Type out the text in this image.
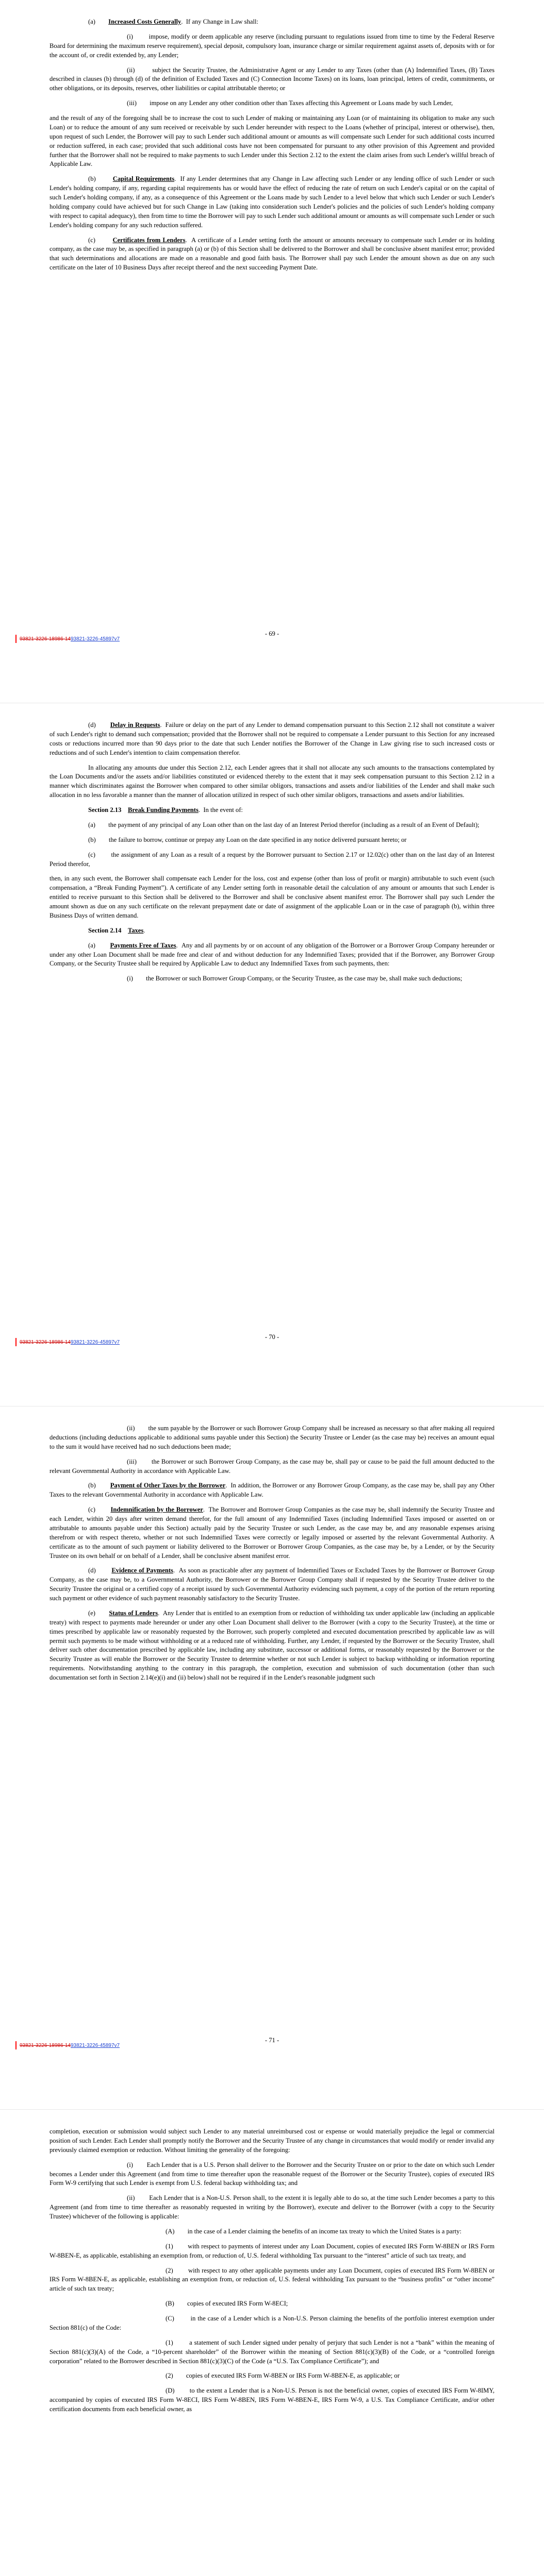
(a) Increased Costs Generally.  If any Change in Law shall:

(i) impose, modify or deem applicable any reserve (including pursuant to regulations issued from time to time by the Federal Reserve Board for determining the maximum reserve requirement), special deposit, compulsory loan, insurance charge or similar requirement against assets of, deposits with or for the account of, or credit extended by, any Lender;

(ii)	subject the Security Trustee, the Administrative Agent or any Lender to any Taxes (other than (A) Indemnified Taxes, (B) Taxes described in clauses (b) through (d) of the definition of Excluded Taxes and (C) Connection Income Taxes) on its loans, loan principal, letters of credit, commitments, or other obligations, or its deposits, reserves, other liabilities or capital attributable thereto; or

(iii) impose on any Lender any other condition other than Taxes affecting this Agreement or Loans made by such Lender,

and the result of any of the foregoing shall be to increase the cost to such Lender of making or maintaining any Loan (or of maintaining its obligation to make any such Loan) or to reduce the amount of any sum received or receivable by such Lender hereunder with respect to the Loans (whether of principal, interest or otherwise), then, upon request of such Lender, the Borrower will pay to such Lender such additional amount or amounts as will compensate such Lender for such additional costs incurred or reduction suffered, in each case; provided that such additional costs have not been compensated for pursuant to any other provision of this Agreement and provided further that the Borrower shall not be required to make payments to such Lender under this Section 2.12 to the extent the claim arises from such Lender's willful breach of Applicable Law.

(b)	Capital Requirements.  If any Lender determines that any Change in Law affecting such Lender or any lending office of such Lender or such Lender's holding company, if any, regarding capital requirements has or would have the effect of reducing the rate of return on such Lender's capital or on the capital of such Lender's holding company, if any, as a consequence of this Agreement or the Loans made by such Lender to a level below that which such Lender or such Lender's holding company could have achieved but for such Change in Law (taking into consideration such Lender's policies and the policies of such Lender's holding company with respect to capital adequacy), then from time to time the Borrower will pay to such Lender such additional amount or amounts as will compensate such Lender or such Lender's holding company for any such reduction suffered.

(c)	Certificates from Lenders.  A certificate of a Lender setting forth the amount or amounts necessary to compensate such Lender or its holding company, as the case may be, as specified in paragraph (a) or (b) of this Section shall be delivered to the Borrower and shall be conclusive absent manifest error; provided that such determinations and allocations are made on a reasonable and good faith basis. The Borrower shall pay such Lender the amount shown as due on any such certificate on the later of 10 Business Days after receipt thereof and the next succeeding Payment Date.

- 69 -
93821-3226-18986-1493821-3226-45897v7

(d) Delay in Requests.  Failure or delay on the part of any Lender to demand compensation pursuant to this Section 2.12 shall not constitute a waiver of such Lender's right to demand such compensation; provided that the Borrower shall not be required to compensate a Lender pursuant to this Section for any increased costs or reductions incurred more than 90 days prior to the date that such Lender notifies the Borrower of the Change in Law giving rise to such increased costs or reductions and of such Lender's intention to claim compensation therefor.

In allocating any amounts due under this Section 2.12, each Lender agrees that it shall not allocate any such amounts to the transactions contemplated by the Loan Documents and/or the assets and/or liabilities constituted or evidenced thereby to the extent that it may seek compensation pursuant to this Section 2.12 in a manner which discriminates against the Borrower when compared to other similar obligors, transactions and assets and/or liabilities of the Lender and shall make such allocation in no less favorable a manner than the manner of allocation utilized in respect of such other similar obligors, transactions and assets and/or liabilities.

Section 2.13 Break Funding Payments.  In the event of:

(a) the payment of any principal of any Loan other than on the last day of an Interest Period therefor (including as a result of an Event of Default);

(b) the failure to borrow, continue or prepay any Loan on the date specified in any notice delivered pursuant hereto; or

(c) the assignment of any Loan as a result of a request by the Borrower pursuant to Section 2.17 or 12.02(c) other than on the last day of an Interest Period therefor,

then, in any such event, the Borrower shall compensate each Lender for the loss, cost and expense (other than loss of profit or margin) attributable to such event (such compensation, a “Break Funding Payment”). A certificate of any Lender setting forth in reasonable detail the calculation of any amount or amounts that such Lender is entitled to receive pursuant to this Section shall be delivered to the Borrower and shall be conclusive absent manifest error. The Borrower shall pay such Lender the amount shown as due on any such certificate on the relevant prepayment date or date of assignment of the applicable Loan or in the case of paragraph (b), within three Business Days of written demand.

Section 2.14 Taxes.

(a) Payments Free of Taxes.  Any and all payments by or on account of any obligation of the Borrower or a Borrower Group Company hereunder or under any other Loan Document shall be made free and clear of and without deduction for any Indemnified Taxes; provided that if the Borrower, any Borrower Group Company, or the Security Trustee shall be required by Applicable Law to deduct any Indemnified Taxes from such payments, then:

(i) the Borrower or such Borrower Group Company, or the Security Trustee, as the case may be, shall make such deductions;

- 70 -
93821-3226-18986-1493821-3226-45897v7

(ii) the sum payable by the Borrower or such Borrower Group Company shall be increased as necessary so that after making all required deductions (including deductions applicable to additional sums payable under this Section) the Security Trustee or Lender (as the case may be) receives an amount equal to the sum it would have received had no such deductions been made;

(iii) the Borrower or such Borrower Group Company, as the case may be, shall pay or cause to be paid the full amount deducted to the relevant Governmental Authority in accordance with Applicable Law.

(b) Payment of Other Taxes by the Borrower.  In addition, the Borrower or any Borrower Group Company, as the case may be, shall pay any Other Taxes to the relevant Governmental Authority in accordance with Applicable Law.

(c) Indemnification by the Borrower.  The Borrower and Borrower Group Companies as the case may be, shall indemnify the Security Trustee and each Lender, within 20 days after written demand therefor, for the full amount of any Indemnified Taxes (including Indemnified Taxes imposed or asserted on or attributable to amounts payable under this Section) actually paid by the Security Trustee or such Lender, as the case may be, and any reasonable expenses arising therefrom or with respect thereto, whether or not such Indemnified Taxes were correctly or legally imposed or asserted by the relevant Governmental Authority. A certificate as to the amount of such payment or liability delivered to the Borrower or Borrower Group Companies, as the case may be, by a Lender, or by the Security Trustee on its own behalf or on behalf of a Lender, shall be conclusive absent manifest error.

(d) Evidence of Payments.  As soon as practicable after any payment of Indemnified Taxes or Excluded Taxes by the Borrower or Borrower Group Company, as the case may be, to a Governmental Authority, the Borrower or the Borrower Group Company shall if requested by the Security Trustee deliver to the Security Trustee the original or a certified copy of a receipt issued by such Governmental Authority evidencing such payment, a copy of the portion of the return reporting such payment or other evidence of such payment reasonably satisfactory to the Security Trustee.

(e) Status of Lenders.  Any Lender that is entitled to an exemption from or reduction of withholding tax under applicable law (including an applicable treaty) with respect to payments made hereunder or under any other Loan Document shall deliver to the Borrower (with a copy to the Security Trustee), at the time or times prescribed by applicable law or reasonably requested by the Borrower, such properly completed and executed documentation prescribed by applicable law as will permit such payments to be made without withholding or at a reduced rate of withholding. Further, any Lender, if requested by the Borrower or the Security Trustee, shall deliver such other documentation prescribed by applicable law, including any substitute, successor or additional forms, or reasonably requested by the Borrower or the Security Trustee as will enable the Borrower or the Security Trustee to determine whether or not such Lender is subject to backup withholding or information reporting requirements. Notwithstanding anything to the contrary in this paragraph, the completion, execution and submission of such documentation (other than such documentation set forth in Section 2.14(e)(i) and (ii) below) shall not be required if in the Lender's reasonable judgment such

- 71 -
93821-3226-18986-1493821-3226-45897v7

completion, execution or submission would subject such Lender to any material unreimbursed cost or expense or would materially prejudice the legal or commercial position of such Lender. Each Lender shall promptly notify the Borrower and the Security Trustee of any change in circumstances that would modify or render invalid any previously claimed exemption or reduction. Without limiting the generality of the foregoing:

(i) Each Lender that is a U.S. Person shall deliver to the Borrower and the Security Trustee on or prior to the date on which such Lender becomes a Lender under this Agreement (and from time to time thereafter upon the reasonable request of the Borrower or the Security Trustee), copies of executed IRS Form W-9 certifying that such Lender is exempt from U.S. federal backup withholding tax; and

(ii) Each Lender that is a Non-U.S. Person shall, to the extent it is legally able to do so, at the time such Lender becomes a party to this Agreement (and from time to time thereafter as reasonably requested in writing by the Borrower), execute and deliver to the Borrower (with a copy to the Security Trustee) whichever of the following is applicable:

(A) in the case of a Lender claiming the benefits of an income tax treaty to which the United States is a party:

(1) with respect to payments of interest under any Loan Document, copies of executed IRS Form W-8BEN or IRS Form W-8BEN-E, as applicable, establishing an exemption from, or reduction of, U.S. federal withholding Tax pursuant to the “interest” article of such tax treaty, and

(2) with respect to any other applicable payments under any Loan Document, copies of executed IRS Form W-8BEN or IRS Form W-8BEN-E, as applicable, establishing an exemption from, or reduction of, U.S. federal withholding Tax pursuant to the “business profits” or “other income” article of such tax treaty;

(B) copies of executed IRS Form W-8ECI;

(C)	in the case of a Lender which is a Non-U.S. Person claiming the benefits of the portfolio interest exemption under Section 881(c) of the Code:

(1) a statement of such Lender signed under penalty of perjury that such Lender is not a “bank” within the meaning of Section 881(c)(3)(A) of the Code, a “10-percent shareholder” of the Borrower within the meaning of Section 881(c)(3)(B) of the Code, or a “controlled foreign corporation” related to the Borrower described in Section 881(c)(3)(C) of the Code (a “U.S. Tax Compliance Certificate”); and

(2) copies of executed IRS Form W-8BEN or IRS Form W-8BEN-E, as applicable; or

(D) to the extent a Lender that is a Non-U.S. Person is not the beneficial owner, copies of executed IRS Form W-8IMY, accompanied by copies of executed IRS Form W-8ECI, IRS Form W-8BEN, IRS Form W-8BEN-E, IRS Form W-9, a U.S. Tax Compliance Certificate, and/or other certification documents from each beneficial owner, as
